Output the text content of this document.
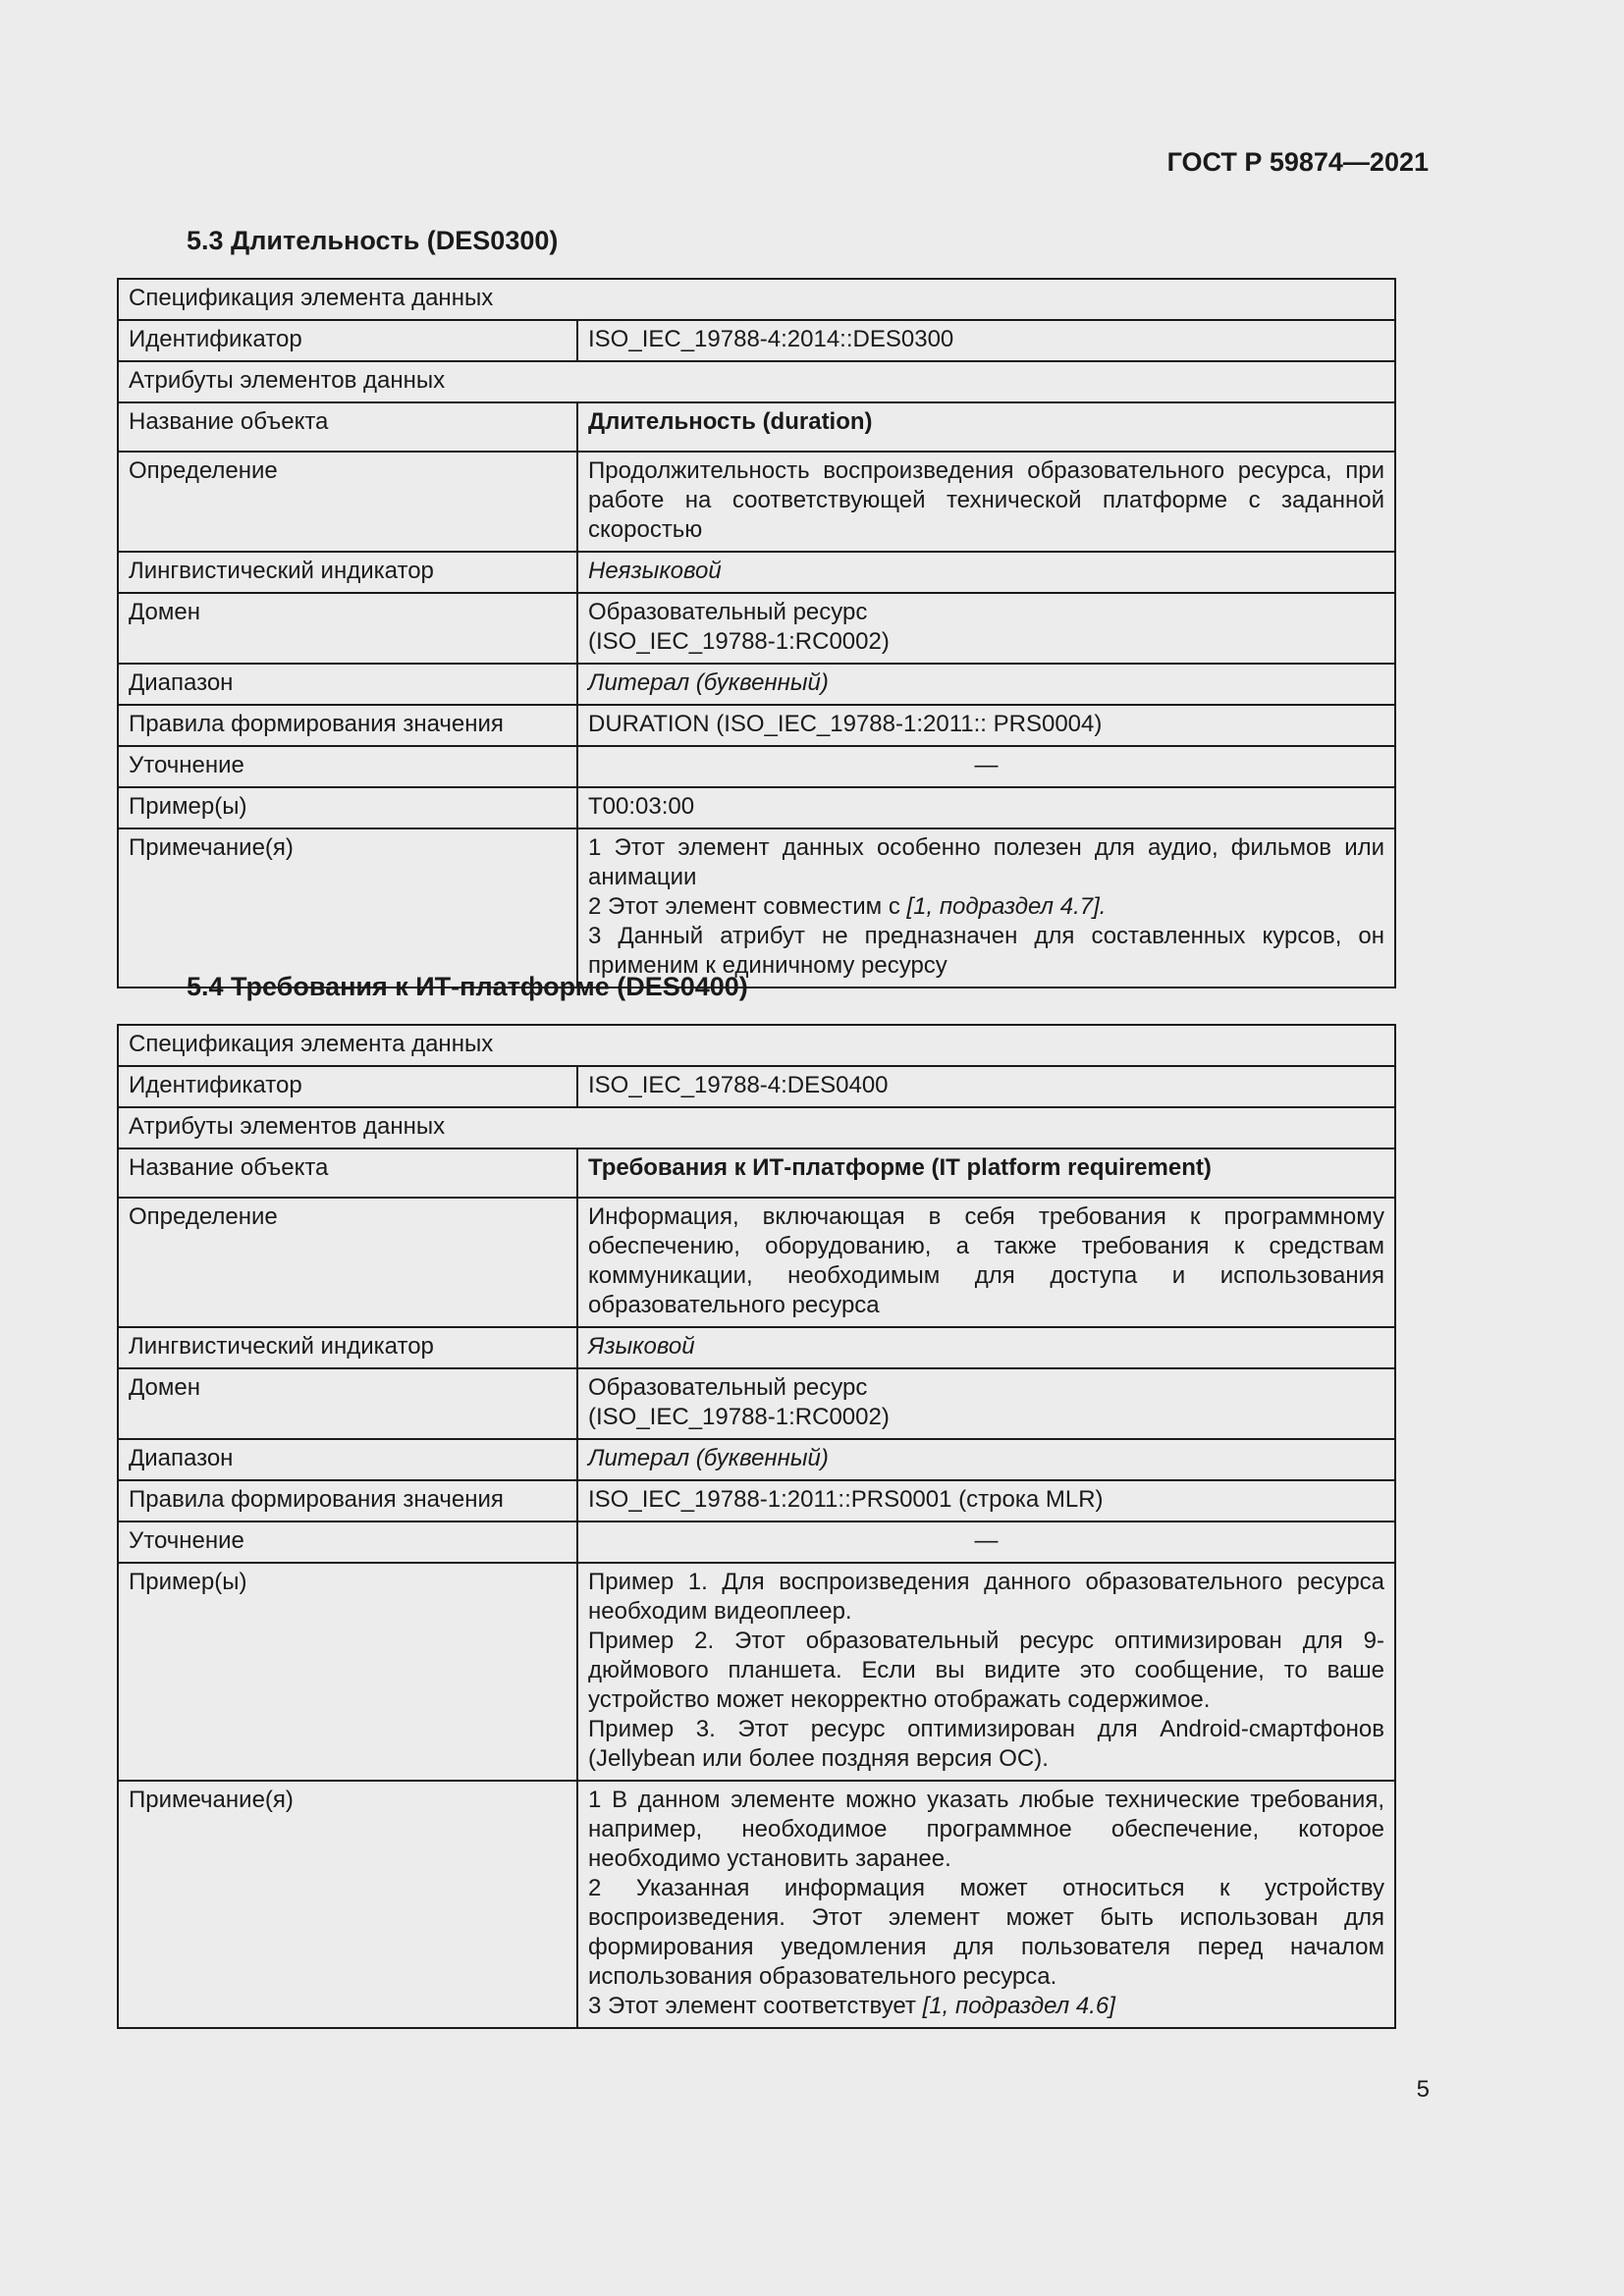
ГОСТ Р 59874—2021
5.3 Длительность (DES0300)
Спецификация элемента данных	
Идентификатор	ISO_IEC_19788-4:2014::DES0300
Атрибуты элементов данных	
Название объекта	Длительность (duration)
Определение	Продолжительность воспроизведения образовательного ресурса, при работе на соответствующей технической платформе с заданной скоростью
Лингвистический индикатор	Неязыковой
Домен	Образовательный ресурс
(ISO_IEC_19788-1:RC0002)

Диапазон	Литерал (буквенный)
Правила формирования значения	DURATION (ISO_IEC_19788-1:2011:: PRS0004)
Уточнение	—
Пример(ы)	T00:03:00
Примечание(я)	1 Этот элемент данных особенно полезен для аудио, фильмов или анимации
2 Этот элемент совместим с [1, подраздел 4.7].
3 Данный атрибут не предназначен для составленных курсов, он применим к единичному ресурсу
5.4 Требования к ИТ-платформе (DES0400)
Спецификация элемента данных	
Идентификатор	ISO_IEC_19788-4:DES0400
Атрибуты элементов данных	
Название объекта	Требования к ИТ-платформе (IT platform requirement)
Определение	Информация, включающая в себя требования к программному обеспечению, оборудованию, а также требования к средствам коммуникации, необходимым для доступа и использования образовательного ресурса
Лингвистический индикатор	Языковой
Домен	Образовательный ресурс
(ISO_IEC_19788-1:RC0002)

Диапазон	Литерал (буквенный)
Правила формирования значения	ISO_IEC_19788-1:2011::PRS0001 (строка MLR)
Уточнение	—
Пример(ы)	Пример 1. Для воспроизведения данного образовательного ресурса необходим видеоплеер.
Пример 2. Этот образовательный ресурс оптимизирован для 9-дюймового планшета. Если вы видите это сообщение, то ваше устройство может некорректно отображать содержимое.
Пример 3. Этот ресурс оптимизирован для Android-смартфонов (Jellybean или более поздняя версия ОС).

Примечание(я)	1 В данном элементе можно указать любые технические требования, например, необходимое программное обеспечение, которое необходимо установить заранее.
2 Указанная информация может относиться к устройству воспроизведения. Этот элемент может быть использован для формирования уведомления для пользователя перед началом использования образовательного ресурса.
3 Этот элемент соответствует [1, подраздел 4.6]
5
